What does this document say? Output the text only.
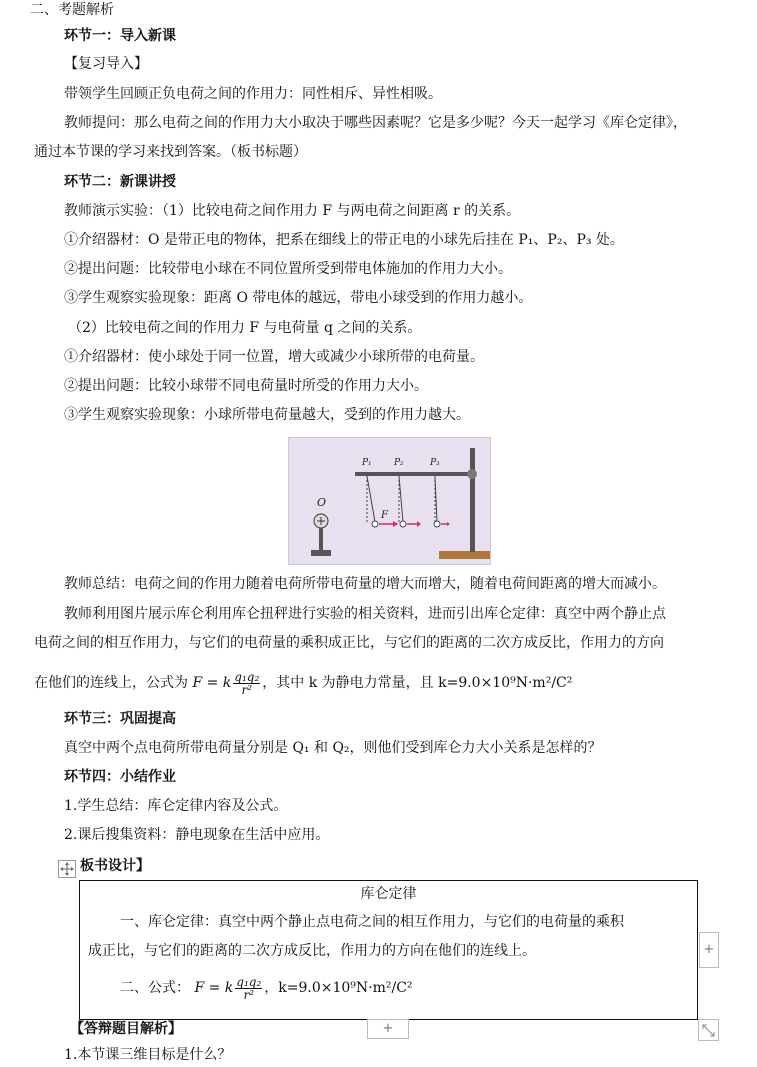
二、考题解析
环节一：导入新课
【复习导入】
带领学生回顾正负电荷之间的作用力：同性相斥、异性相吸。
教师提问：那么电荷之间的作用力大小取决于哪些因素呢？它是多少呢？今天一起学习《库仑定律》，
通过本节课的学习来找到答案。（板书标题）
环节二：新课讲授
教师演示实验：（1）比较电荷之间作用力 F 与两电荷之间距离 r 的关系。
①介绍器材：O 是带正电的物体，把系在细线上的带正电的小球先后挂在 P₁、P₂、P₃ 处。
②提出问题：比较带电小球在不同位置所受到带电体施加的作用力大小。
③学生观察实验现象：距离 O 带电体的越远，带电小球受到的作用力越小。
（2）比较电荷之间的作用力 F 与电荷量 q 之间的关系。
①介绍器材：使小球处于同一位置，增大或减少小球所带的电荷量。
②提出问题：比较小球带不同电荷量时所受的作用力大小。
③学生观察实验现象：小球所带电荷量越大，受到的作用力越大。
O
F
P₁ P₂	P₃
教师总结：电荷之间的作用力随着电荷所带电荷量的增大而增大，随着电荷间距离的增大而减小。
教师利用图片展示库仑利用库仑扭秤进行实验的相关资料，进而引出库仑定律：真空中两个静止点
电荷之间的相互作用力，与它们的电荷量的乘积成正比，与它们的距离的二次方成反比，作用力的方向
在他们的连线上，公式为 F = k $\frac{\text{q₁q₂}}{\text{r²}}$ ，其中 k 为静电力常量，且 k=9.0×10⁹N·m²/C²
环节三：巩固提高
真空中两个点电荷所带电荷量分别是 Q₁ 和 Q₂，则他们受到库仑力大小关系是怎样的？
环节四：小结作业
1.学生总结：库仑定律内容及公式。
2.课后搜集资料：静电现象在生活中应用。
板书设计】
库仑定律
一、库仑定律：真空中两个静止点电荷之间的相互作用力，与它们的电荷量的乘积
成正比，与它们的距离的二次方成反比，作用力的方向在他们的连线上。
二、公式： F = k $\frac{\text{q₁q₂}}{\text{r²}}$ ，k=9.0×10⁹N·m²/C²
+
+
【答辩题目解析】
1.本节课三维目标是什么？
